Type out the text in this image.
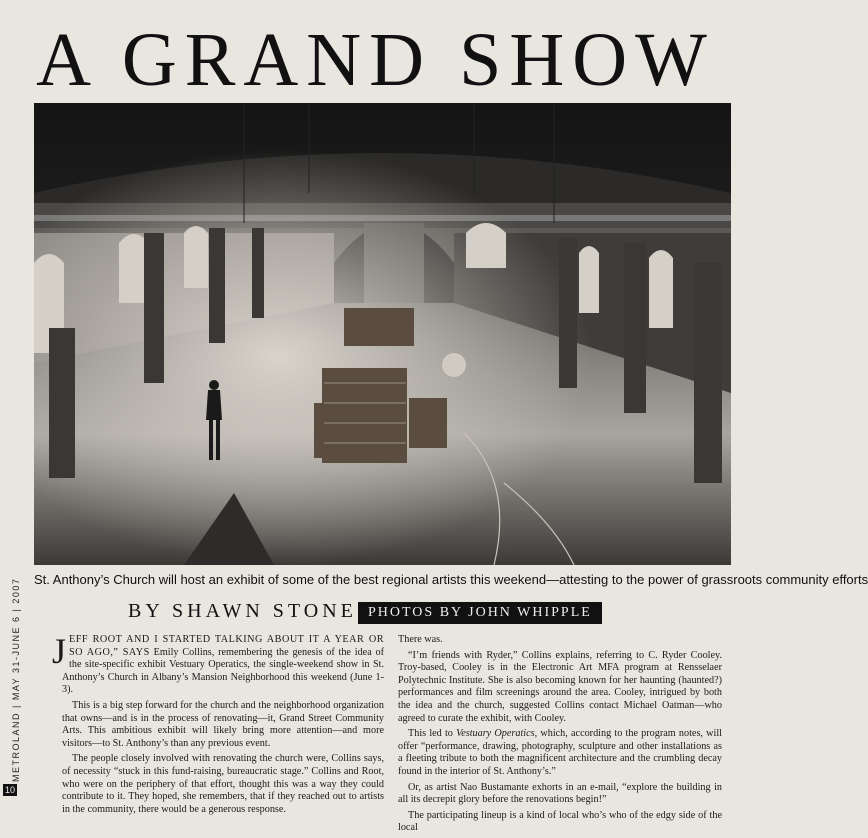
A GRAND SHOW

St. Anthony’s Church will host an exhibit of some of the best regional artists this weekend—attesting to the power of grassroots community efforts

BY SHAWN STONE PHOTOS BY JOHN WHIPPLE
METROLAND | MAY 31-JUNE 6 | 2007
10

J EFF ROOT AND I STARTED TALKING ABOUT IT A YEAR OR SO AGO,” SAYS Emily Collins, remembering the genesis of the idea of the site-specific exhibit Vestuary Operatics, the single-weekend show in St. Anthony’s Church in Albany’s Mansion Neighborhood this weekend (June 1-3).

This is a big step forward for the church and the neighborhood organization that owns—and is in the process of renovating—it, Grand Street Community Arts. This ambitious exhibit will likely bring more attention—and more visitors—to St. Anthony’s than any previous event.

The people closely involved with renovating the church were, Collins says, of necessity “stuck in this fund-raising, bureaucratic stage.” Collins and Root, who were on the periphery of that effort, thought this was a way they could contribute to it. They hoped, she remembers, that if they reached out to artists in the community, there would be a generous response.

There was.

“I’m friends with Ryder,” Collins explains, referring to C. Ryder Cooley. Troy-based, Cooley is in the Electronic Art MFA program at Rensselaer Polytechnic Institute. She is also becoming known for her haunting (haunted?) performances and film screenings around the area. Cooley, intrigued by both the idea and the church, suggested Collins contact Michael Oatman—who agreed to curate the exhibit, with Cooley.

This led to Vestuary Operatics, which, according to the program notes, will offer “performance, drawing, photography, sculpture and other installations as a fleeting tribute to both the magnificent architecture and the crumbling decay found in the interior of St. Anthony’s.”

Or, as artist Nao Bustamante exhorts in an e-mail, “explore the building in all its decrepit glory before the renovations begin!”

The participating lineup is a kind of local who’s who of the edgy side of the local
